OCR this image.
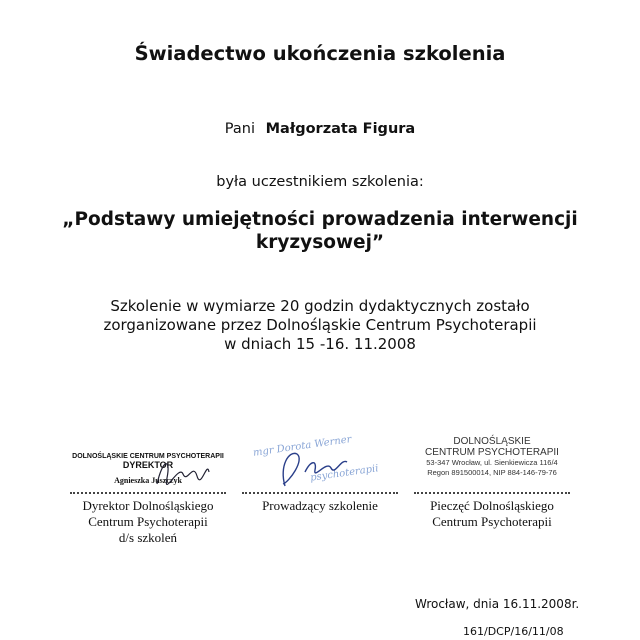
Świadectwo ukończenia szkolenia
Pani Małgorzata Figura
była uczestnikiem szkolenia:
„Podstawy umiejętności prowadzenia interwencji
kryzysowej”
Szkolenie w wymiarze 20 godzin dydaktycznych zostało
zorganizowane przez Dolnośląskie Centrum Psychoterapii
w dniach 15 -16. 11.2008
DOLNOŚLĄSKIE CENTRUM PSYCHOTERAPII
DYREKTOR
Agnieszka Juszczyk
Dyrektor Dolnośląskiego
Centrum Psychoterapii
d/s szkoleń
mgr Dorota Werner
psychoterapii
Prowadzący szkolenie
DOLNOŚLĄSKIE
CENTRUM PSYCHOTERAPII
53-347 Wrocław, ul. Sienkiewicza 116/4
Regon 891500014, NIP 884-146-79-76
Pieczęć Dolnośląskiego
Centrum Psychoterapii
Wrocław, dnia 16.11.2008r.
161/DCP/16/11/08
